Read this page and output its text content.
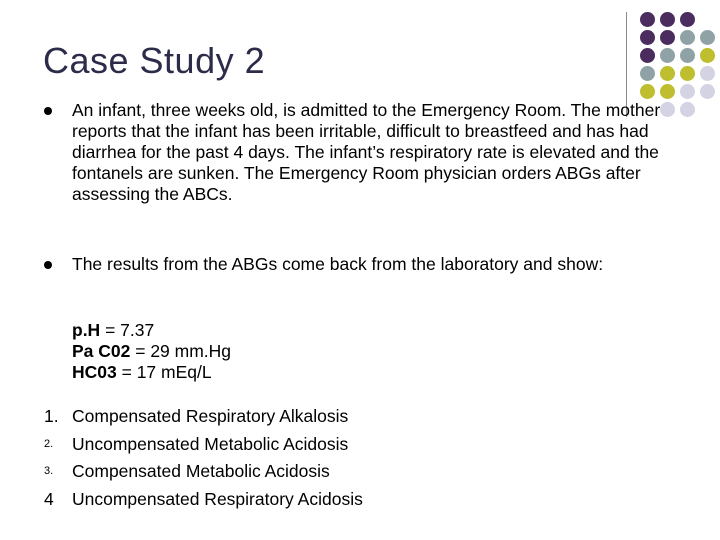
Case Study 2
An infant, three weeks old, is admitted to the Emergency Room. The mother reports that the infant has been irritable, difficult to breastfeed and has had diarrhea for the past 4 days. The infant’s respiratory rate is elevated and the fontanels are sunken. The Emergency Room physician orders ABGs after assessing the ABCs.
The results from the ABGs come back from the laboratory and show:
p.H = 7.37
Pa C02 = 29 mm.Hg
HC03 = 17 mEq/L
1. Compensated Respiratory Alkalosis
2. Uncompensated Metabolic Acidosis
3. Compensated Metabolic Acidosis
4 Uncompensated Respiratory Acidosis
